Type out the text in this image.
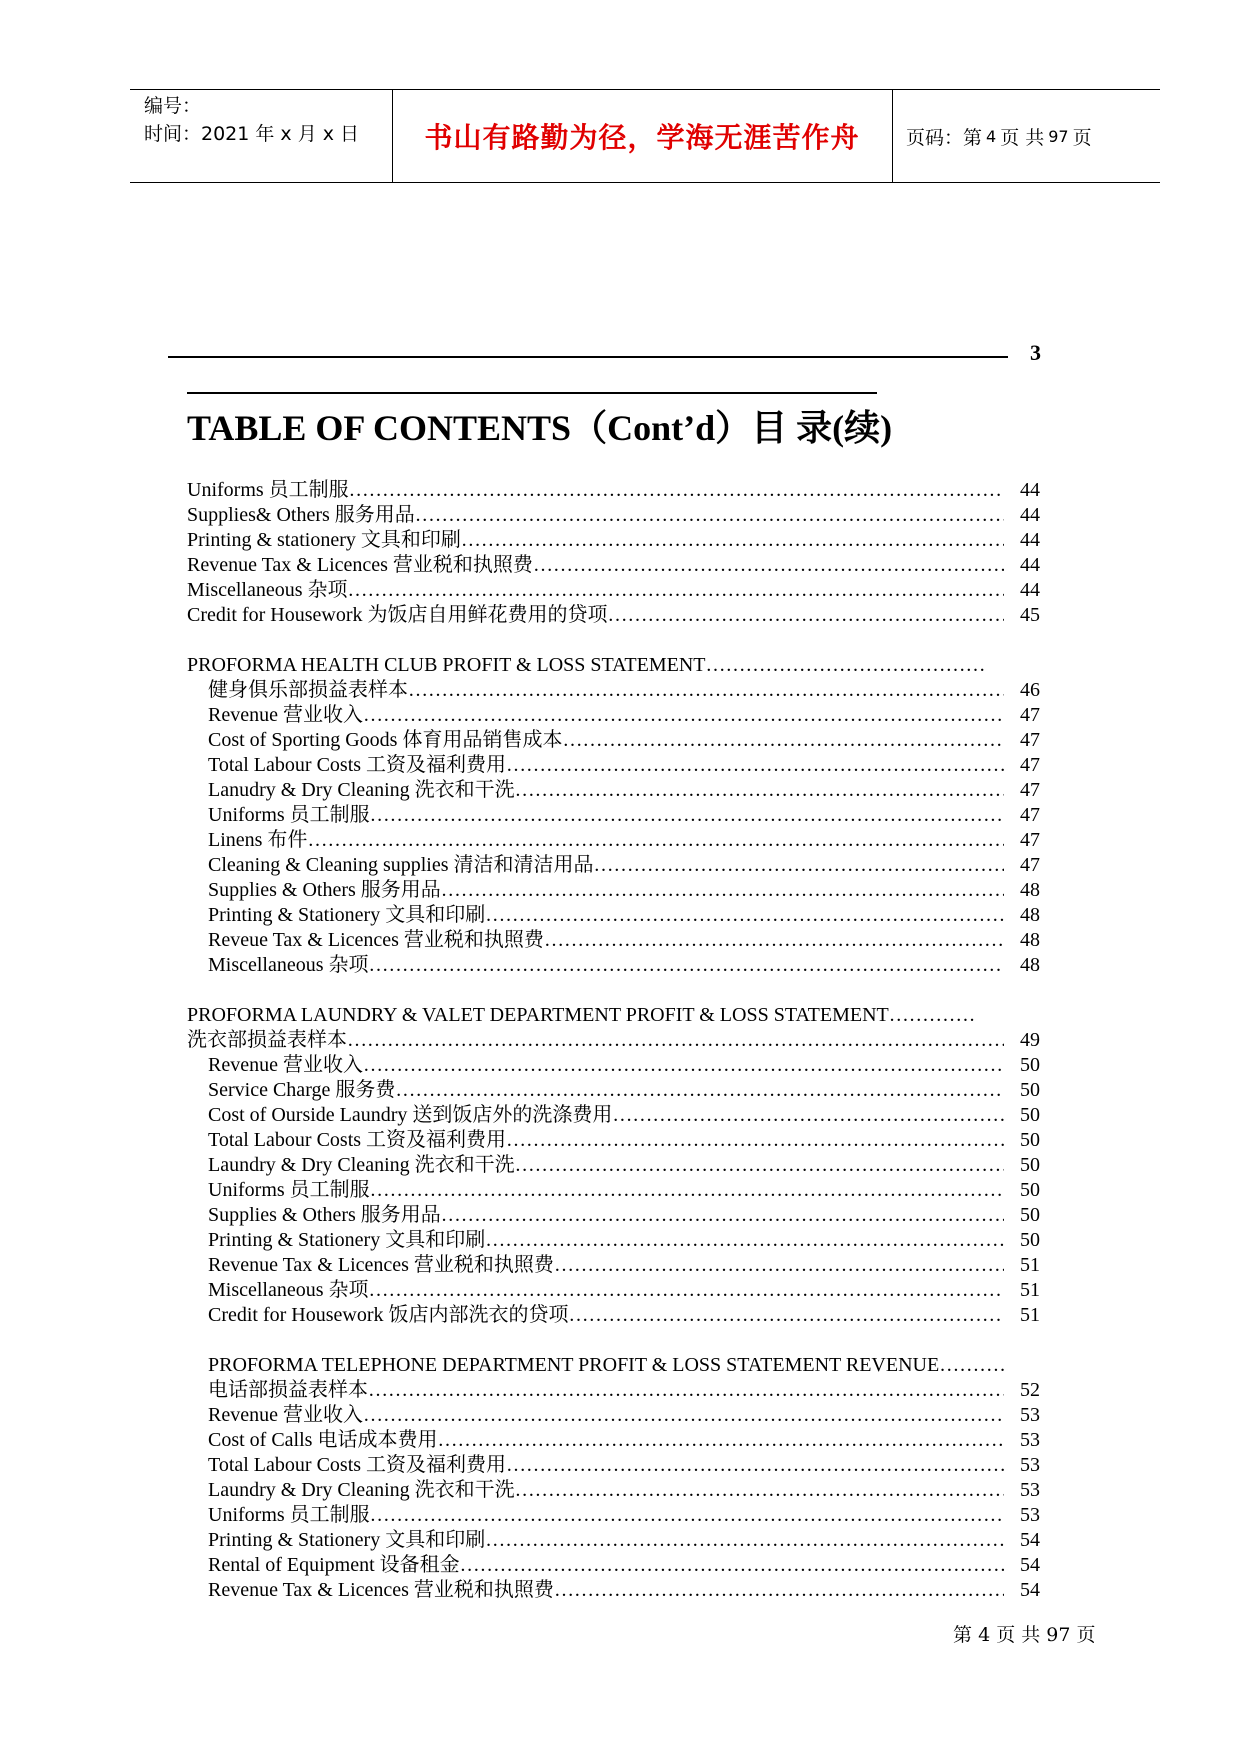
编号：
时间：2021 年 x 月 x 日	书山有路勤为径，学海无涯苦作舟	页码：第 4 页 共 97 页
3
TABLE OF CONTENTS（Cont’d）目 录(续)
Uniforms 员工制服 …………………………………………………………………………………………………………………………………………………………………………………………………………………………………………………………	44
Supplies& Others 服务用品 …………………………………………………………………………………………………………………………………………………………………………………………………………………………………………………………	44
Printing & stationery 文具和印刷 …………………………………………………………………………………………………………………………………………………………………………………………………………………………………………………………	44
Revenue Tax & Licences 营业税和执照费 …………………………………………………………………………………………………………………………………………………………………………………………………………………………………………………………	44
Miscellaneous 杂项 …………………………………………………………………………………………………………………………………………………………………………………………………………………………………………………………	44
Credit for Housework 为饭店自用鲜花费用的贷项 …………………………………………………………………………………………………………………………………………………………………………………………………………………………………………………………	45
PROFORMA HEALTH CLUB PROFIT & LOSS STATEMENT
…………………………………………………………………………………………………………………………………………………………………………………………………………………………………………………………
健身俱乐部损益表样本 …………………………………………………………………………………………………………………………………………………………………………………………………………………………………………………………	46
Revenue 营业收入 …………………………………………………………………………………………………………………………………………………………………………………………………………………………………………………………	47
Cost of Sporting Goods 体育用品销售成本 …………………………………………………………………………………………………………………………………………………………………………………………………………………………………………………………	47
Total Labour Costs 工资及福利费用 …………………………………………………………………………………………………………………………………………………………………………………………………………………………………………………………	47
Lanudry & Dry Cleaning 洗衣和干洗 …………………………………………………………………………………………………………………………………………………………………………………………………………………………………………………………	47
Uniforms 员工制服 …………………………………………………………………………………………………………………………………………………………………………………………………………………………………………………………	47
Linens 布件 …………………………………………………………………………………………………………………………………………………………………………………………………………………………………………………………	47
Cleaning & Cleaning supplies 清洁和清洁用品 …………………………………………………………………………………………………………………………………………………………………………………………………………………………………………………………	47
Supplies & Others 服务用品 …………………………………………………………………………………………………………………………………………………………………………………………………………………………………………………………	48
Printing & Stationery 文具和印刷 …………………………………………………………………………………………………………………………………………………………………………………………………………………………………………………………	48
Reveue Tax & Licences 营业税和执照费 …………………………………………………………………………………………………………………………………………………………………………………………………………………………………………………………	48
Miscellaneous 杂项 …………………………………………………………………………………………………………………………………………………………………………………………………………………………………………………………	48
PROFORMA LAUNDRY & VALET DEPARTMENT PROFIT & LOSS STATEMENT
…………………………………………………………………………………………………………………………………………………………………………………………………………………………………………………………
洗衣部损益表样本 …………………………………………………………………………………………………………………………………………………………………………………………………………………………………………………………	49
Revenue 营业收入 …………………………………………………………………………………………………………………………………………………………………………………………………………………………………………………………	50
Service Charge 服务费 …………………………………………………………………………………………………………………………………………………………………………………………………………………………………………………………	50
Cost of Ourside Laundry 送到饭店外的洗涤费用 …………………………………………………………………………………………………………………………………………………………………………………………………………………………………………………………	50
Total Labour Costs 工资及福利费用 …………………………………………………………………………………………………………………………………………………………………………………………………………………………………………………………	50
Laundry & Dry Cleaning 洗衣和干洗 …………………………………………………………………………………………………………………………………………………………………………………………………………………………………………………………	50
Uniforms 员工制服 …………………………………………………………………………………………………………………………………………………………………………………………………………………………………………………………	50
Supplies & Others 服务用品 …………………………………………………………………………………………………………………………………………………………………………………………………………………………………………………………	50
Printing & Stationery 文具和印刷 …………………………………………………………………………………………………………………………………………………………………………………………………………………………………………………………	50
Revenue Tax & Licences 营业税和执照费 …………………………………………………………………………………………………………………………………………………………………………………………………………………………………………………………	51
Miscellaneous 杂项 …………………………………………………………………………………………………………………………………………………………………………………………………………………………………………………………	51
Credit for Housework 饭店内部洗衣的贷项 …………………………………………………………………………………………………………………………………………………………………………………………………………………………………………………………	51
PROFORMA TELEPHONE DEPARTMENT PROFIT & LOSS STATEMENT REVENUE
…………………………………………………………………………………………………………………………………………………………………………………………………………………………………………………………
电话部损益表样本 …………………………………………………………………………………………………………………………………………………………………………………………………………………………………………………………	52
Revenue 营业收入 …………………………………………………………………………………………………………………………………………………………………………………………………………………………………………………………	53
Cost of Calls 电话成本费用 …………………………………………………………………………………………………………………………………………………………………………………………………………………………………………………………	53
Total Labour Costs 工资及福利费用 …………………………………………………………………………………………………………………………………………………………………………………………………………………………………………………………	53
Laundry & Dry Cleaning 洗衣和干洗 …………………………………………………………………………………………………………………………………………………………………………………………………………………………………………………………	53
Uniforms 员工制服 …………………………………………………………………………………………………………………………………………………………………………………………………………………………………………………………	53
Printing & Stationery 文具和印刷 …………………………………………………………………………………………………………………………………………………………………………………………………………………………………………………………	54
Rental of Equipment 设备租金 …………………………………………………………………………………………………………………………………………………………………………………………………………………………………………………………	54
Revenue Tax & Licences 营业税和执照费 …………………………………………………………………………………………………………………………………………………………………………………………………………………………………………………………	54
第 4 页 共 97 页
